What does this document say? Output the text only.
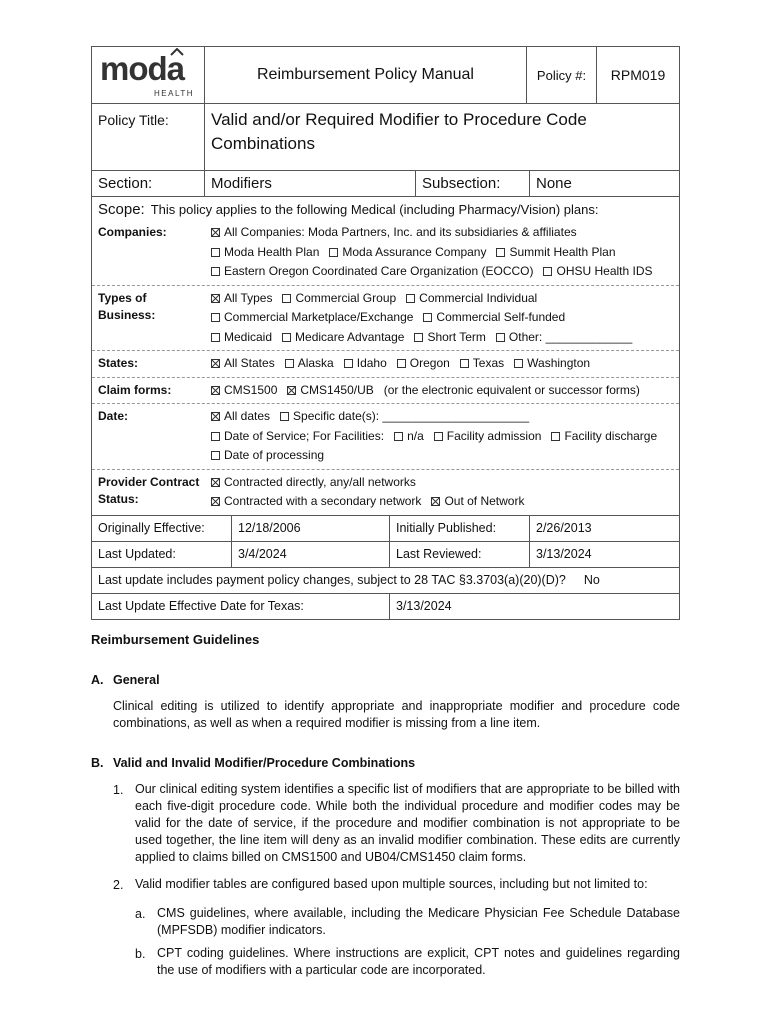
moda
HEALTH
Reimbursement Policy Manual	Policy #:	RPM019
Policy Title:	Valid and/or Required Modifier to Procedure Code Combinations
Section:	Modifiers	Subsection:	None
Scope: This policy applies to the following Medical (including Pharmacy/Vision) plans:
Companies:	All Companies: Moda Partners, Inc. and its subsidiaries & affiliates
Moda Health Plan Moda Assurance Company Summit Health Plan
Eastern Oregon Coordinated Care Organization (EOCCO) OHSU Health IDS
Types of
Business:
All Types Commercial Group Commercial Individual
Commercial Marketplace/Exchange Commercial Self-funded
Medicaid Medicare Advantage Short Term Other: _____________
States:	All States Alaska Idaho Oregon Texas Washington
Claim forms:	CMS1500 CMS1450/UB (or the electronic equivalent or successor forms)
Date:	All dates Specific date(s): ______________________
Date of Service; For Facilities: n/a Facility admission Facility discharge
Date of processing
Provider Contract
Status:
Contracted directly, any/all networks
Contracted with a secondary network Out of Network
Originally Effective:	12/18/2006	Initially Published:	2/26/2013
Last Updated:	3/4/2024	Last Reviewed:	3/13/2024
Last update includes payment policy changes, subject to 28 TAC §3.3703(a)(20)(D)? No
Last Update Effective Date for Texas:	3/13/2024
Reimbursement Guidelines
A. General
Clinical editing is utilized to identify appropriate and inappropriate modifier and procedure code combinations, as well as when a required modifier is missing from a line item.
B. Valid and Invalid Modifier/Procedure Combinations
1. Our clinical editing system identifies a specific list of modifiers that are appropriate to be billed with each five-digit procedure code. While both the individual procedure and modifier codes may be valid for the date of service, if the procedure and modifier combination is not appropriate to be used together, the line item will deny as an invalid modifier combination. These edits are currently applied to claims billed on CMS1500 and UB04/CMS1450 claim forms.
2. Valid modifier tables are configured based upon multiple sources, including but not limited to:
a. CMS guidelines, where available, including the Medicare Physician Fee Schedule Database (MPFSDB) modifier indicators.
b. CPT coding guidelines. Where instructions are explicit, CPT notes and guidelines regarding the use of modifiers with a particular code are incorporated.
